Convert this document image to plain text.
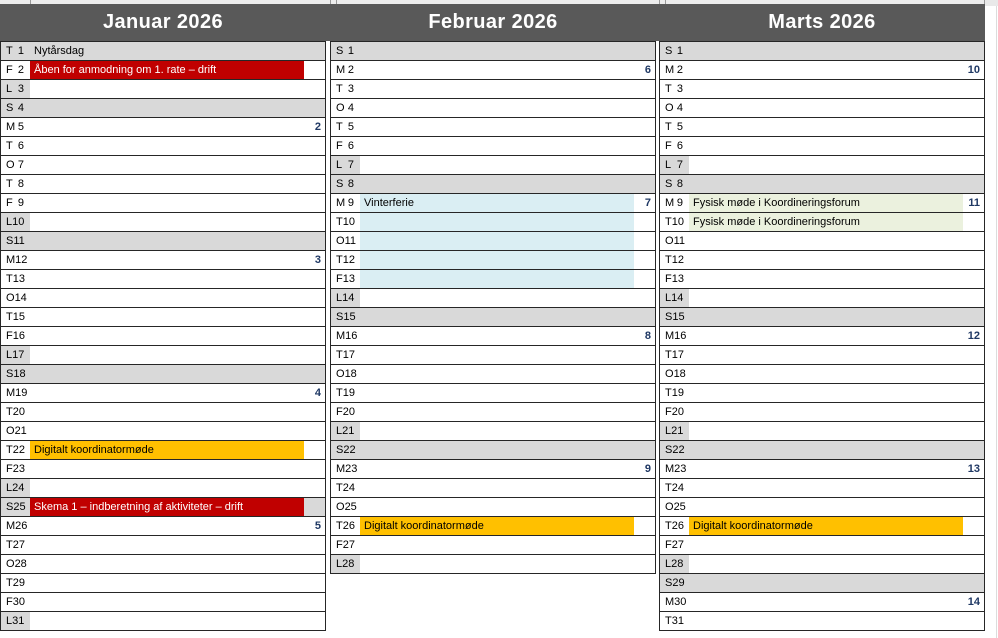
Januar 2026	Februar 2026	Marts 2026
T 1 Nytårsdag
F 2 Åben for anmodning om 1. rate – drift
L 3
S 4
M 5	2
T 6
O 7
T 8
F 9
L 10
S 11
M 12	3
T 13
O 14
T 15
F 16
L 17
S 18
M 19	4
T 20
O 21
T 22 Digitalt koordinatormøde
F 23
L 24
S 25 Skema 1 – indberetning af aktiviteter – drift
M 26	5
T 27
O 28
T 29
F 30
L 31
S 1
M 2	6
T 3
O 4
T 5
F 6
L 7
S 8
M 9 Vinterferie	7
T 10
O 11
T 12
F 13
L 14
S 15
M 16	8
T 17
O 18
T 19
F 20
L 21
S 22
M 23	9
T 24
O 25
T 26 Digitalt koordinatormøde
F 27
L 28
S 1
M 2	10
T 3
O 4
T 5
F 6
L 7
S 8
M 9 Fysisk møde i Koordineringsforum	11
T 10 Fysisk møde i Koordineringsforum
O 11
T 12
F 13
L 14
S 15
M 16	12
T 17
O 18
T 19
F 20
L 21
S 22
M 23	13
T 24
O 25
T 26 Digitalt koordinatormøde
F 27
L 28
S 29
M 30	14
T 31
